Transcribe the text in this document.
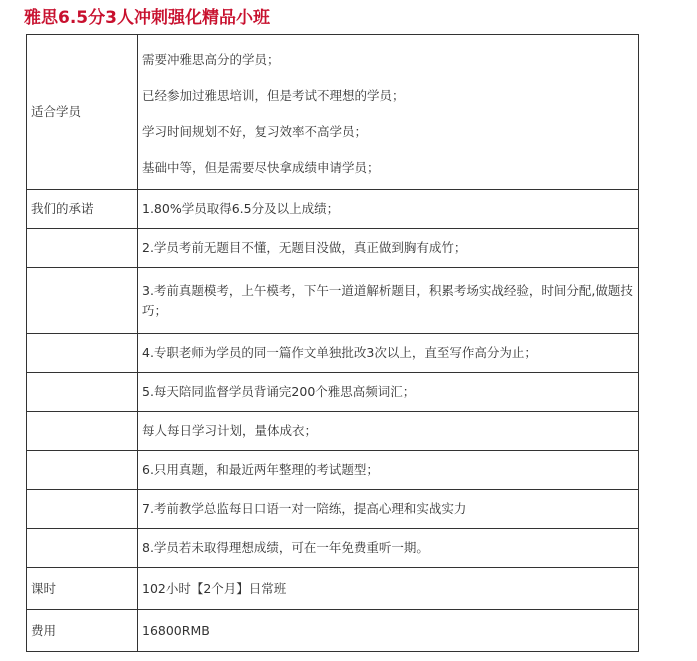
雅思6.5分3人冲刺强化精品小班
适合学员	需要冲雅思高分的学员；
已经参加过雅思培训，但是考试不理想的学员；
学习时间规划不好，复习效率不高学员；
基础中等，但是需要尽快拿成绩申请学员；

我们的承诺	1.80%学员取得6.5分及以上成绩；
	2.学员考前无题目不懂，无题目没做，真正做到胸有成竹；
	3.考前真题模考，上午模考，下午一道道解析题目，积累考场实战经验，时间分配,做题技巧；
	4.专职老师为学员的同一篇作文单独批改3次以上，直至写作高分为止；
	5.每天陪同监督学员背诵完200个雅思高频词汇；
	每人每日学习计划，量体成衣；
	6.只用真题，和最近两年整理的考试题型；
	7.考前教学总监每日口语一对一陪练，提高心理和实战实力
	8.学员若未取得理想成绩，可在一年免费重听一期。
课时	102小时【2个月】日常班
费用	16800RMB
